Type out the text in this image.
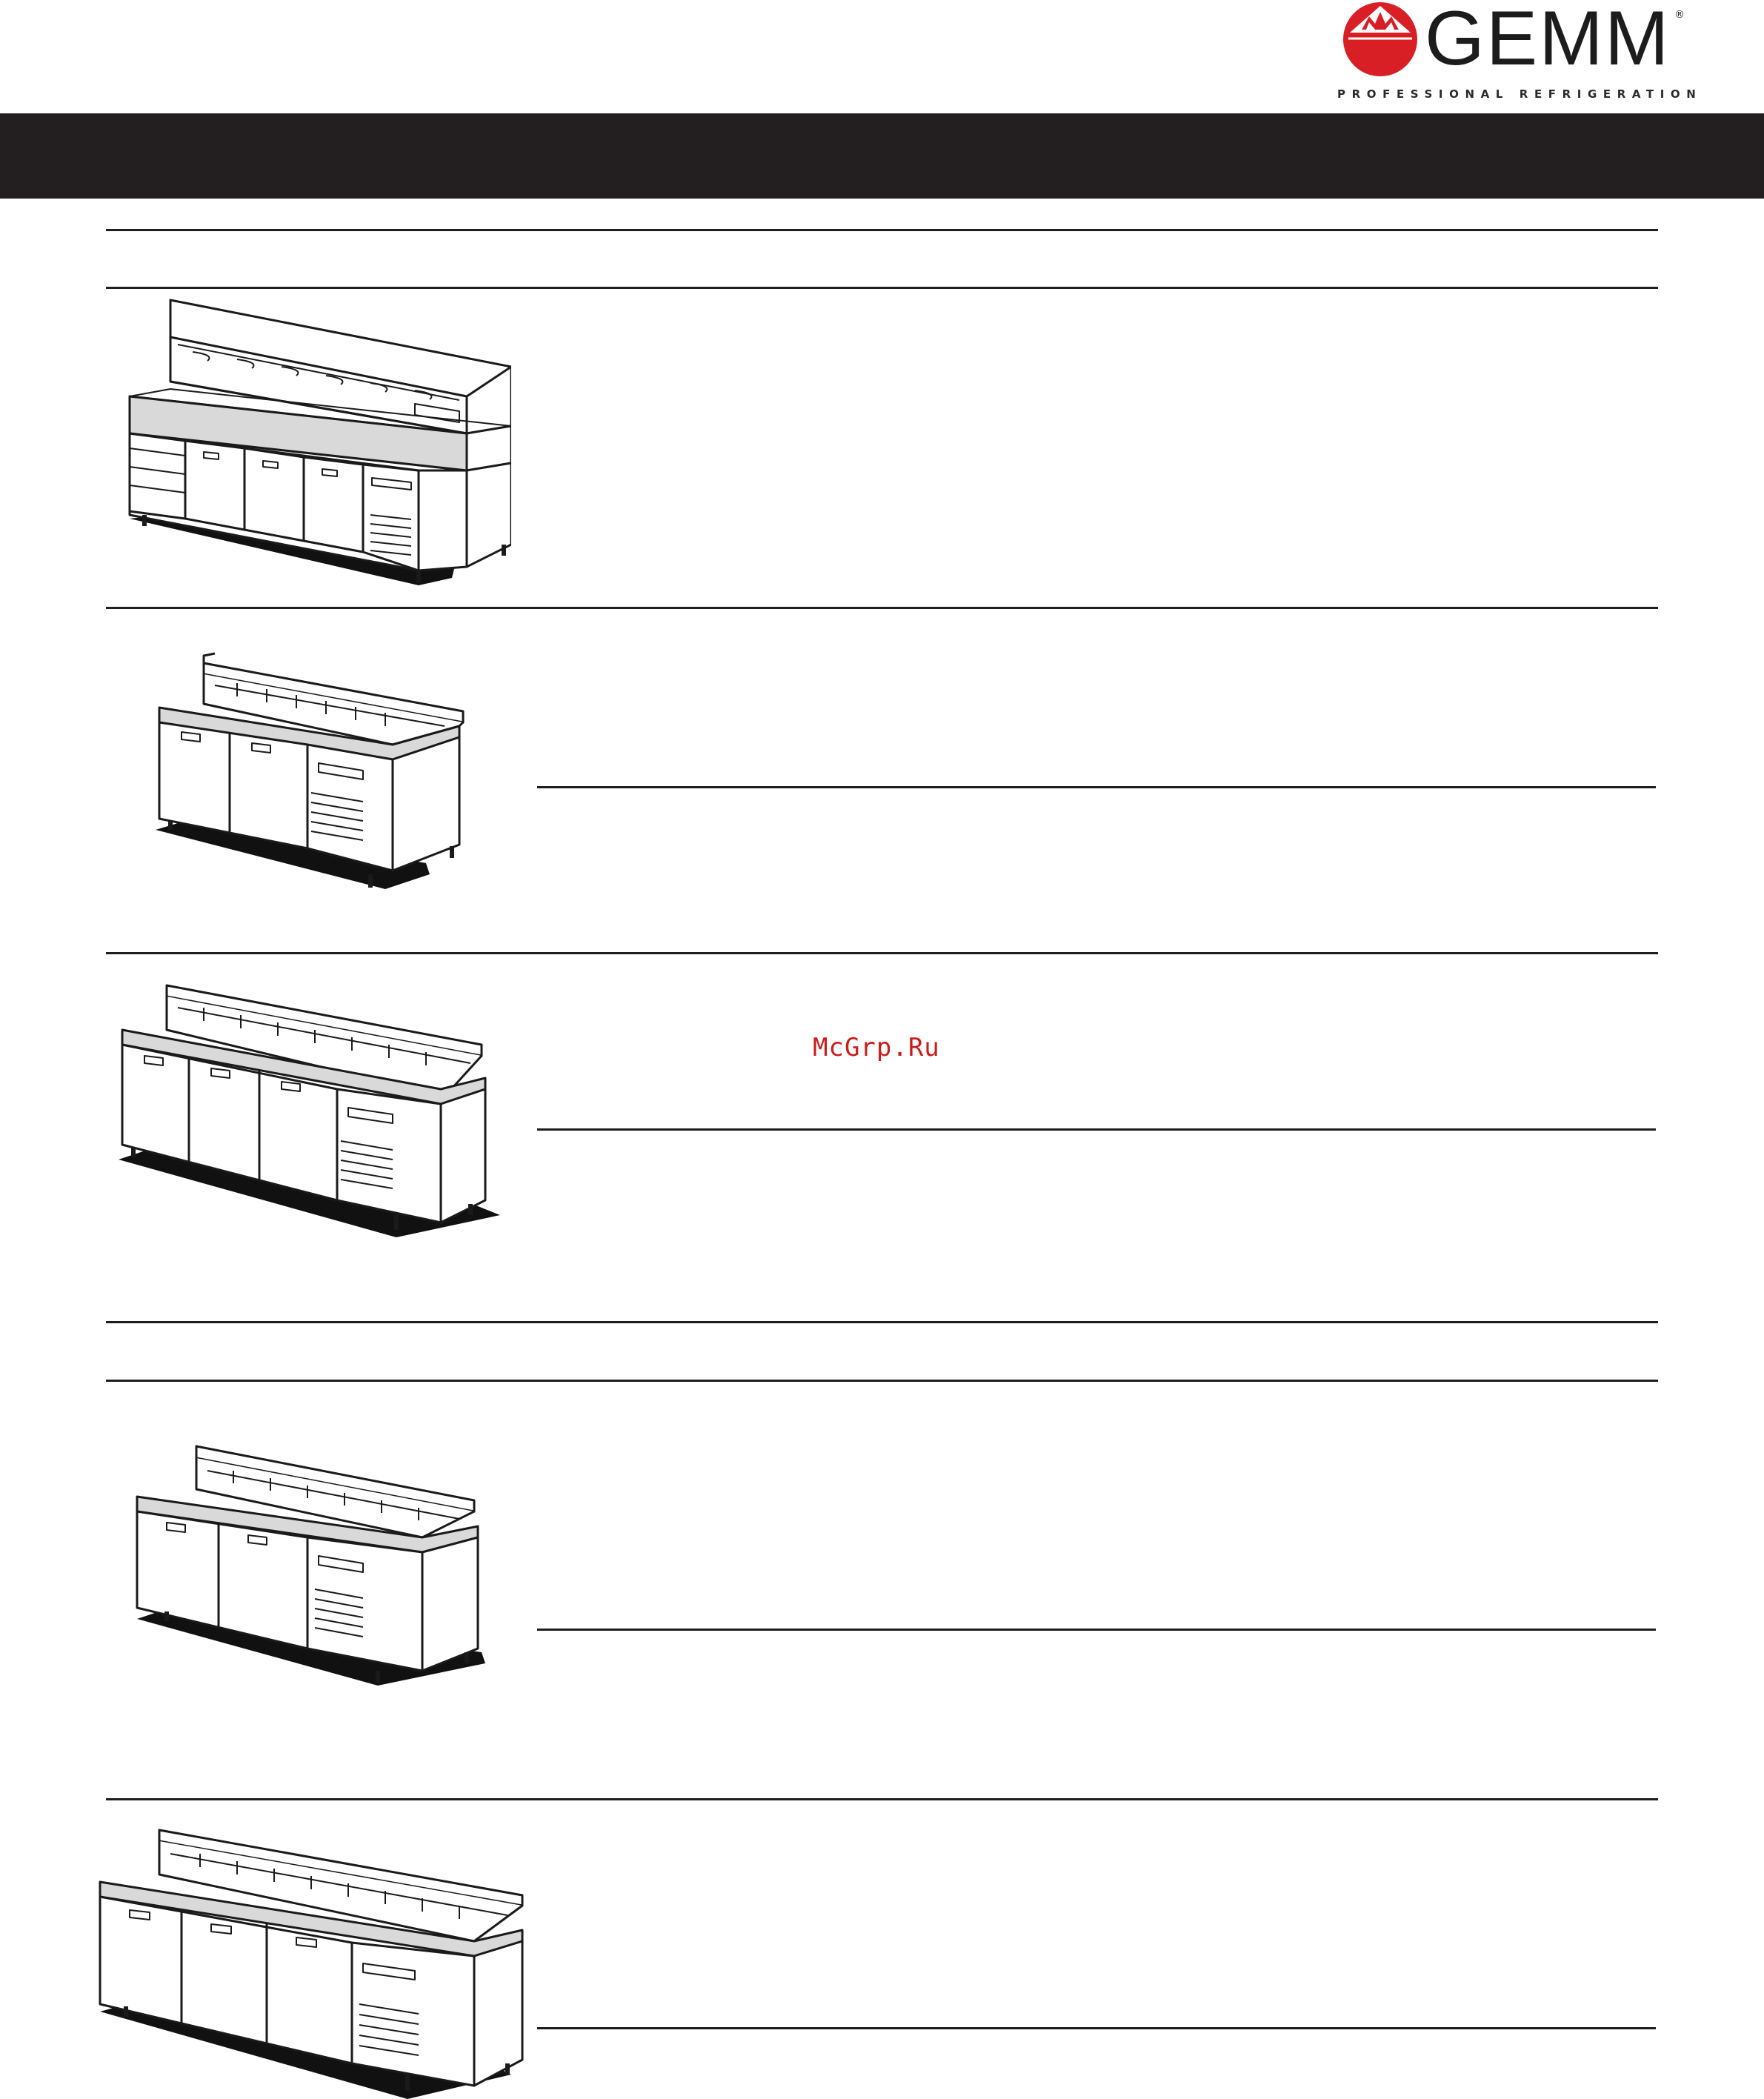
GEMM ®
PROFESSIONAL REFRIGERATION
McGrp.Ru
